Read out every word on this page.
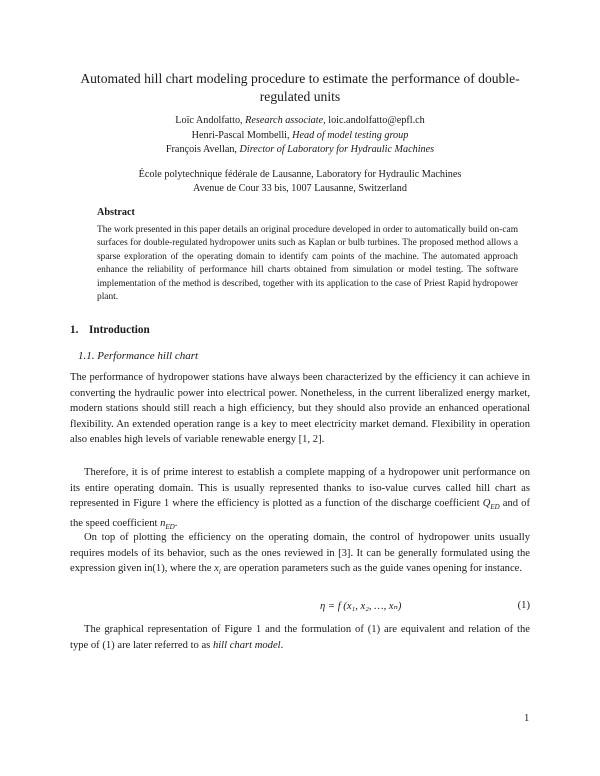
Automated hill chart modeling procedure to estimate the performance of double-regulated units
Loïc Andolfatto, Research associate, loic.andolfatto@epfl.ch
Henri-Pascal Mombelli, Head of model testing group
François Avellan, Director of Laboratory for Hydraulic Machines
École polytechnique fédérale de Lausanne, Laboratory for Hydraulic Machines
Avenue de Cour 33 bis, 1007 Lausanne, Switzerland
Abstract
The work presented in this paper details an original procedure developed in order to automatically build on-cam surfaces for double-regulated hydropower units such as Kaplan or bulb turbines. The proposed method allows a sparse exploration of the operating domain to identify cam points of the machine. The automated approach enhance the reliability of performance hill charts obtained from simulation or model testing. The software implementation of the method is described, together with its application to the case of Priest Rapid hydropower plant.
1. Introduction
1.1. Performance hill chart

The performance of hydropower stations have always been characterized by the efficiency it can achieve in converting the hydraulic power into electrical power. Nonetheless, in the current liberalized energy market, modern stations should still reach a high efficiency, but they should also provide an enhanced operational flexibility. An extended operation range is a key to meet electricity market demand. Flexibility in operation also enables high levels of variable renewable energy [1, 2].

Therefore, it is of prime interest to establish a complete mapping of a hydropower unit performance on its entire operating domain. This is usually represented thanks to iso-value curves called hill chart as represented in Figure 1 where the efficiency is plotted as a function of the discharge coefficient $Q_{ED}$ and of the speed coefficient $n_{ED}$.

On top of plotting the efficiency on the operating domain, the control of hydropower units usually requires models of its behavior, such as the ones reviewed in [3]. It can be generally formulated using the expression given in(1), where the $x_i$ are operation parameters such as the guide vanes opening for instance.

η = f (x₁, x₂, …, xₙ)	(1)

The graphical representation of Figure 1 and the formulation of (1) are equivalent and relation of the type of (1) are later referred to as hill chart model.

1
